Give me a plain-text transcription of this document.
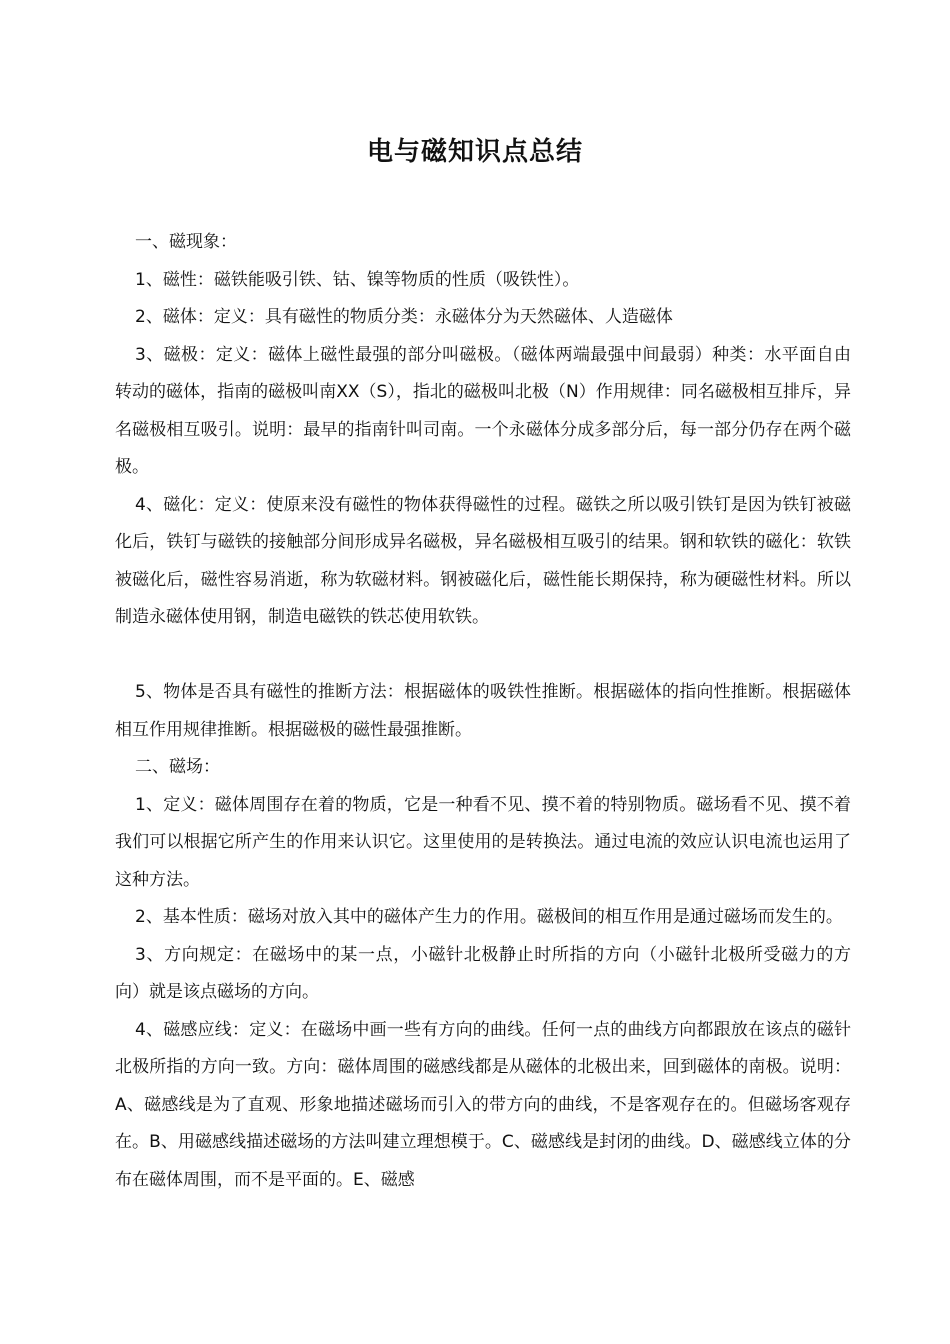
电与磁知识点总结

一、磁现象：

1、磁性：磁铁能吸引铁、钴、镍等物质的性质（吸铁性）。

2、磁体：定义：具有磁性的物质分类：永磁体分为天然磁体、人造磁体

3、磁极：定义：磁体上磁性最强的部分叫磁极。（磁体两端最强中间最弱）种类：水平面自由转动的磁体，指南的磁极叫南XX（S），指北的磁极叫北极（N）作用规律：同名磁极相互排斥，异名磁极相互吸引。说明：最早的指南针叫司南。一个永磁体分成多部分后，每一部分仍存在两个磁极。

4、磁化：定义：使原来没有磁性的物体获得磁性的过程。磁铁之所以吸引铁钉是因为铁钉被磁化后，铁钉与磁铁的接触部分间形成异名磁极，异名磁极相互吸引的结果。钢和软铁的磁化：软铁被磁化后，磁性容易消逝，称为软磁材料。钢被磁化后，磁性能长期保持，称为硬磁性材料。所以制造永磁体使用钢，制造电磁铁的铁芯使用软铁。

5、物体是否具有磁性的推断方法：根据磁体的吸铁性推断。根据磁体的指向性推断。根据磁体相互作用规律推断。根据磁极的磁性最强推断。

二、磁场：

1、定义：磁体周围存在着的物质，它是一种看不见、摸不着的特别物质。磁场看不见、摸不着我们可以根据它所产生的作用来认识它。这里使用的是转换法。通过电流的效应认识电流也运用了这种方法。

2、基本性质：磁场对放入其中的磁体产生力的作用。磁极间的相互作用是通过磁场而发生的。

3、方向规定：在磁场中的某一点，小磁针北极静止时所指的方向（小磁针北极所受磁力的方向）就是该点磁场的方向。

4、磁感应线：定义：在磁场中画一些有方向的曲线。任何一点的曲线方向都跟放在该点的磁针北极所指的方向一致。方向：磁体周围的磁感线都是从磁体的北极出来，回到磁体的南极。说明：A、磁感线是为了直观、形象地描述磁场而引入的带方向的曲线，不是客观存在的。但磁场客观存在。B、用磁感线描述磁场的方法叫建立理想模于。C、磁感线是封闭的曲线。D、磁感线立体的分布在磁体周围，而不是平面的。E、磁感
